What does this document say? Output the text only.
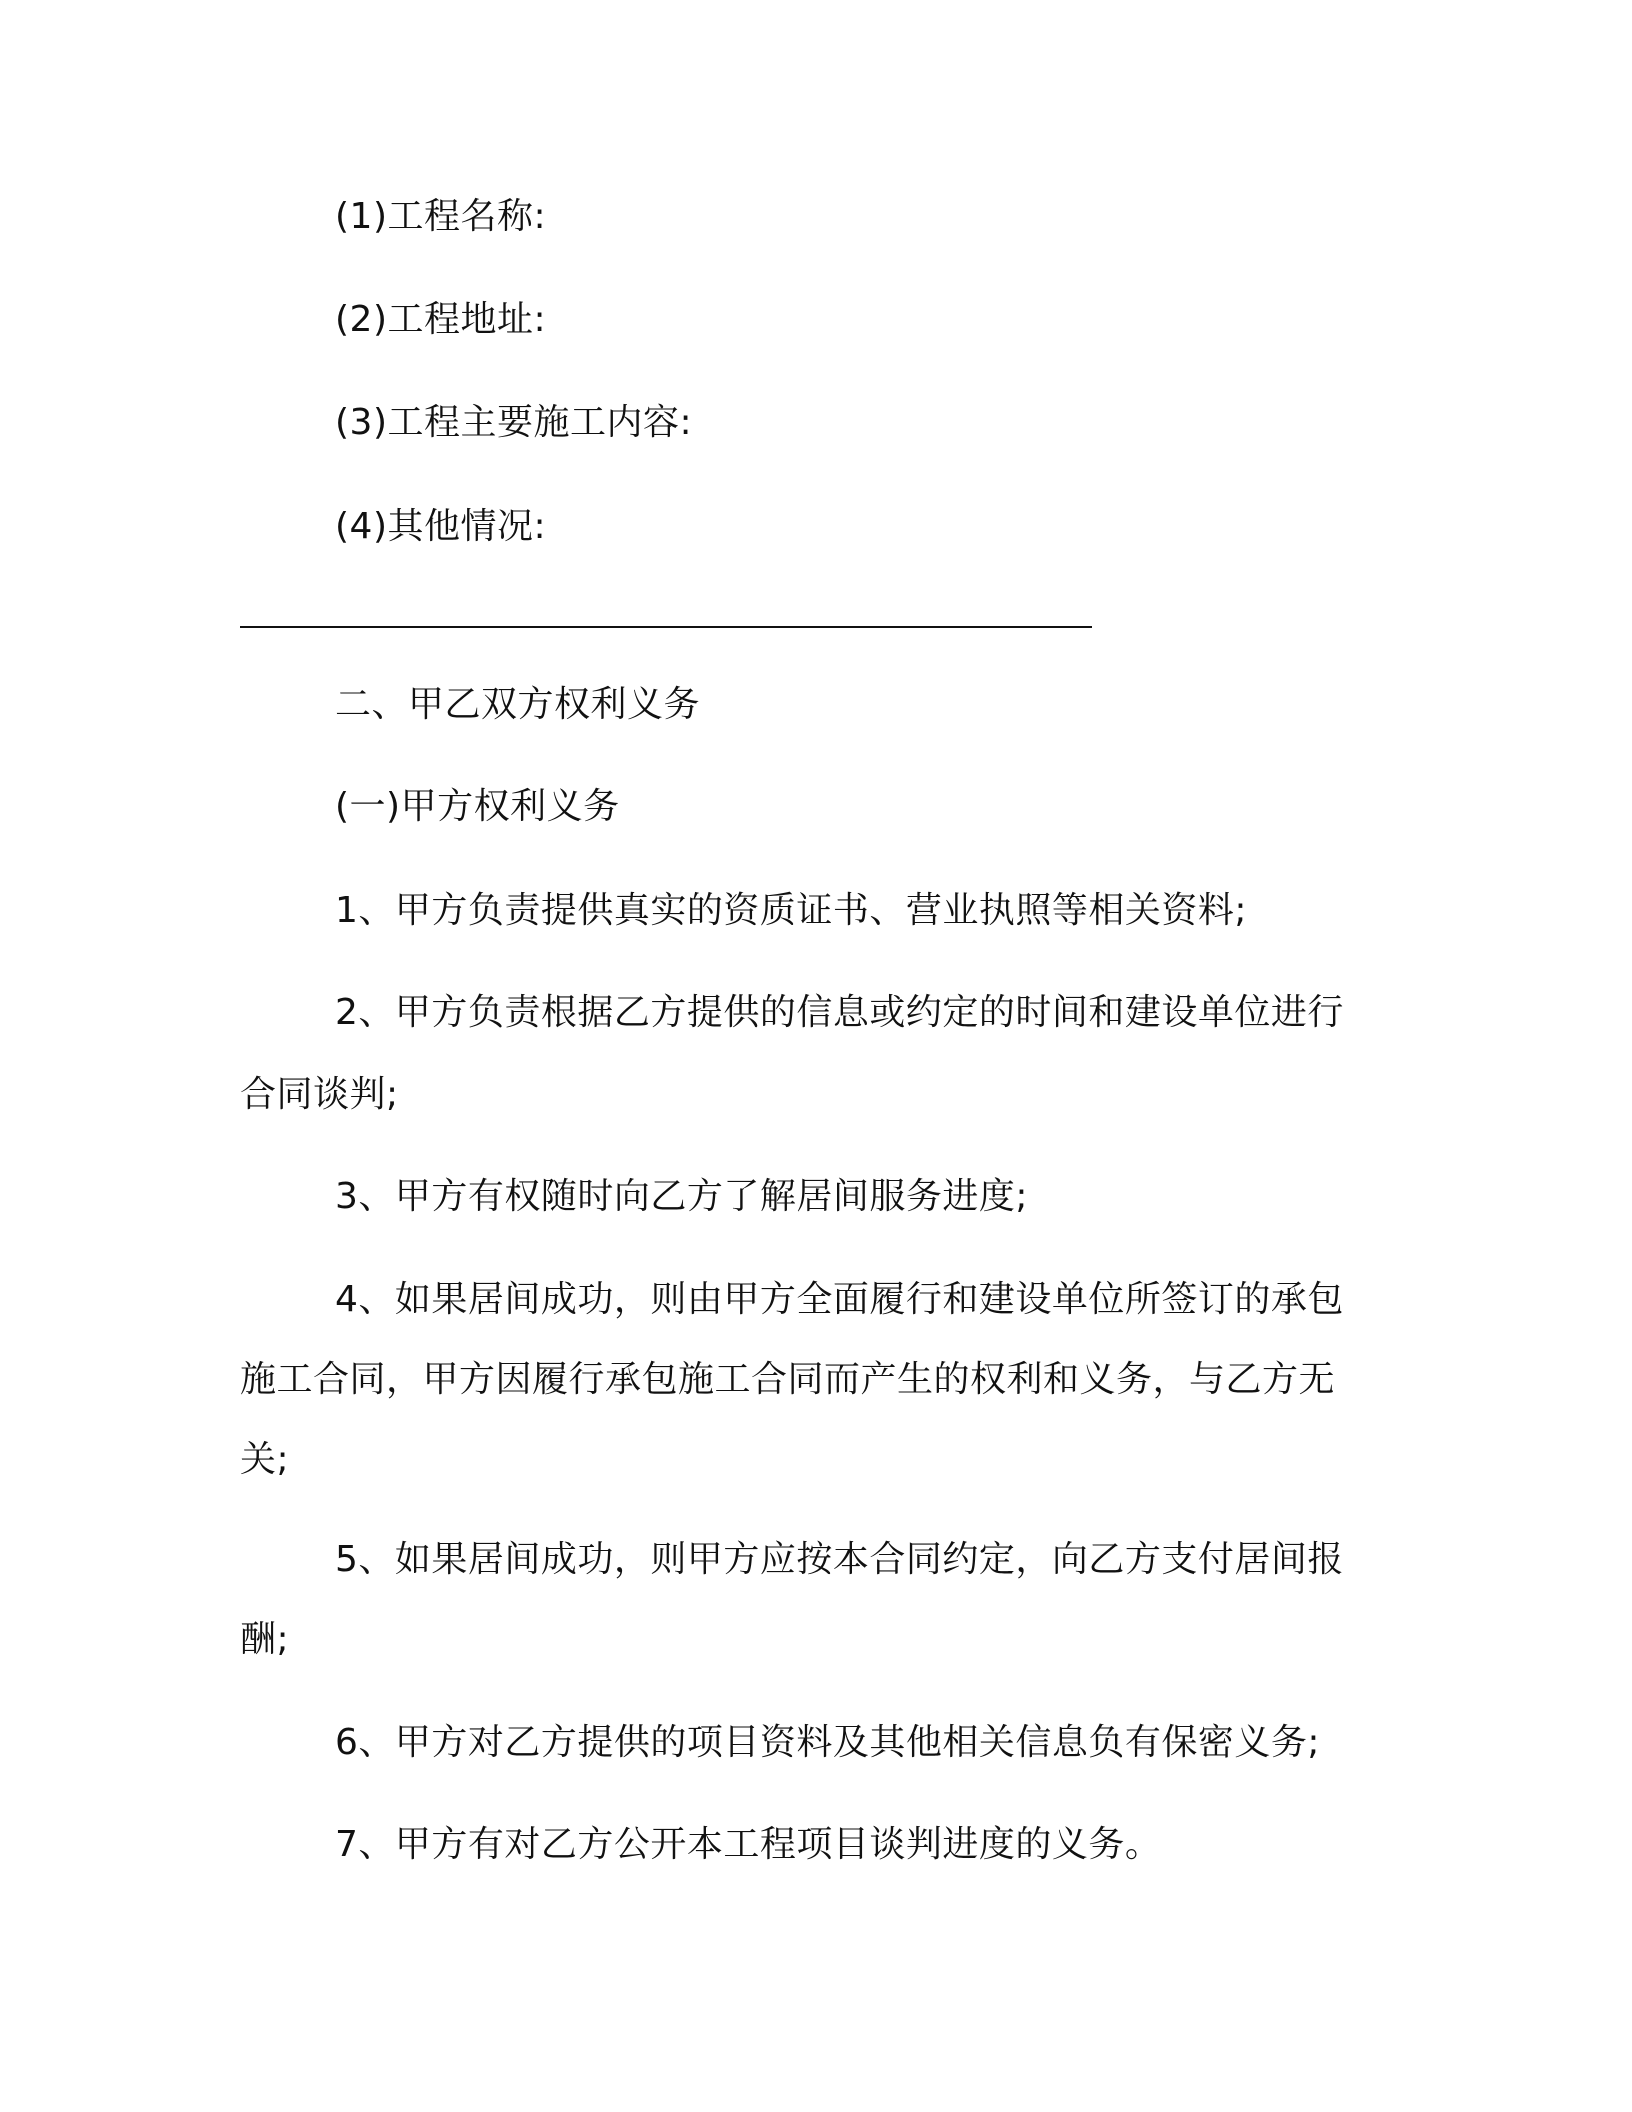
(1)工程名称:
(2)工程地址:
(3)工程主要施工内容:
(4)其他情况:
二、甲乙双方权利义务
(一)甲方权利义务
1、甲方负责提供真实的资质证书、营业执照等相关资料;
2、甲方负责根据乙方提供的信息或约定的时间和建设单位进行
合同谈判;
3、甲方有权随时向乙方了解居间服务进度;
4、如果居间成功，则由甲方全面履行和建设单位所签订的承包
施工合同，甲方因履行承包施工合同而产生的权利和义务，与乙方无
关;
5、如果居间成功，则甲方应按本合同约定，向乙方支付居间报
酬;
6、甲方对乙方提供的项目资料及其他相关信息负有保密义务;
7、甲方有对乙方公开本工程项目谈判进度的义务。
